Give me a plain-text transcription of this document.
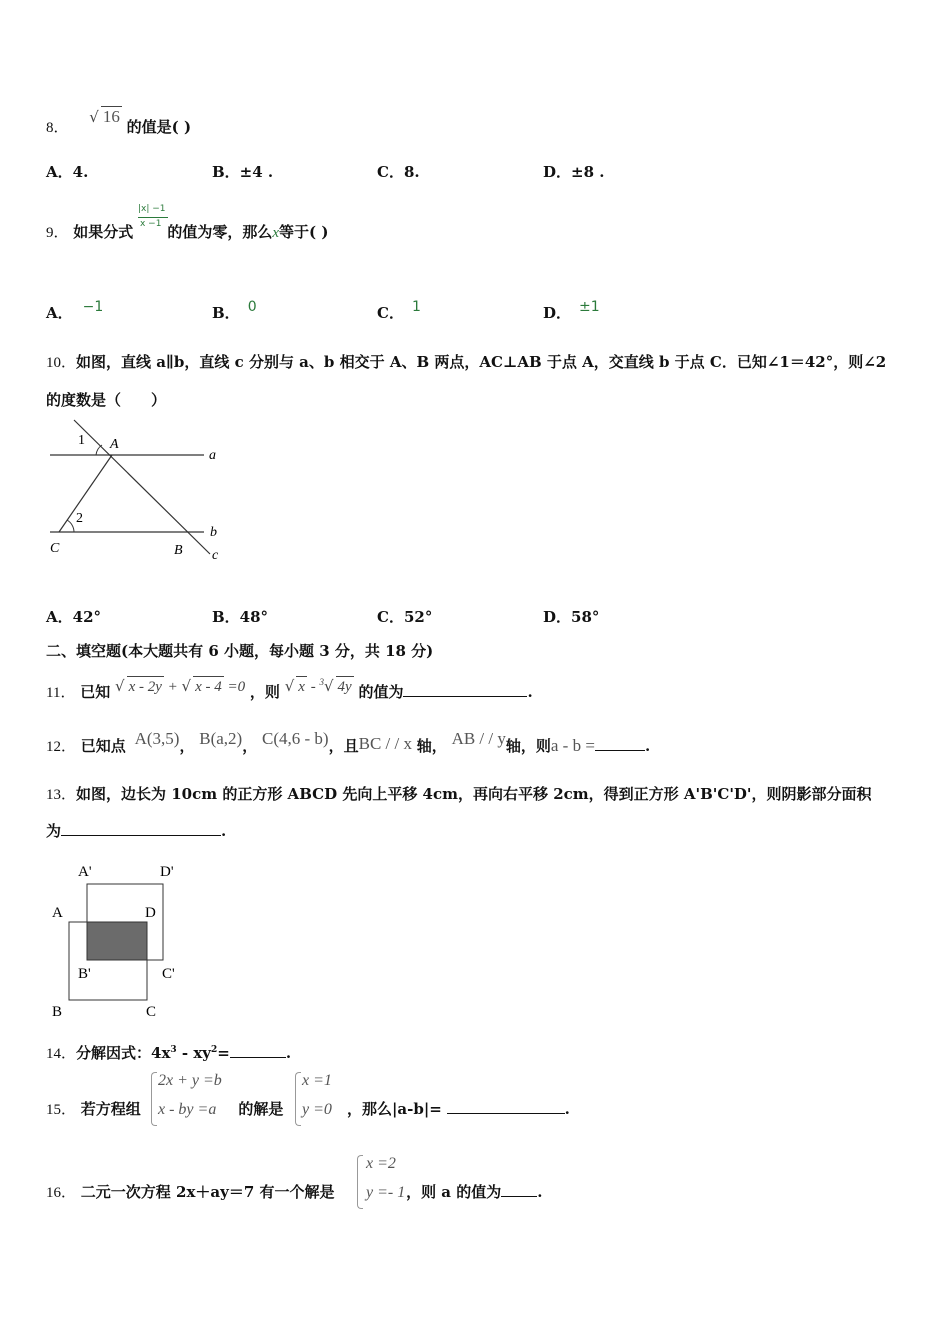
8． √ 16 的值是( )
A．4.	B．±4 .	C．8.	D．±8 .
9． 如果分式 的值为零，那么x等于( )
|x| −1
x −1
A． −1	B． 0	C． 1	D． ±1
10．如图，直线 a∥b，直线 c 分别与 a、b 相交于 A、B 两点，AC⊥AB 于点 A，交直线 b 于点 C．已知∠1＝42°，则∠2
的度数是（　　）
1 A
a
2
b
C	B c
A．42°	B．48°	C．52°	D．58°
二、填空题(本大题共有 6 小题，每小题 3 分，共 18 分)
11． 已知 √ x - 2y + √ x - 4 =0 ，则 √ x - $^3$√ 4y 的值为	.
12． 已知点 A(3,5)， B(a,2)， C(4,6 - b)，且BC / / x 轴， AB / / y轴，则a - b =	.
13．如图，边长为 10cm 的正方形 ABCD 先向上平移 4cm，再向右平移 2cm，得到正方形 A'B'C'D'，则阴影部分面积
为	.
A'	D'
A	D
B'	C'
B	C
14．分解因式：$4x^3 - xy^2=$	.
15． 若方程组	的解是	，那么|a-b|=	.
2x + y =b
x - by =a
x =1
y =0
16． 二元一次方程 2x＋ay＝7 有一个解是	，则 a 的值为 .
x =2
y =- 1
